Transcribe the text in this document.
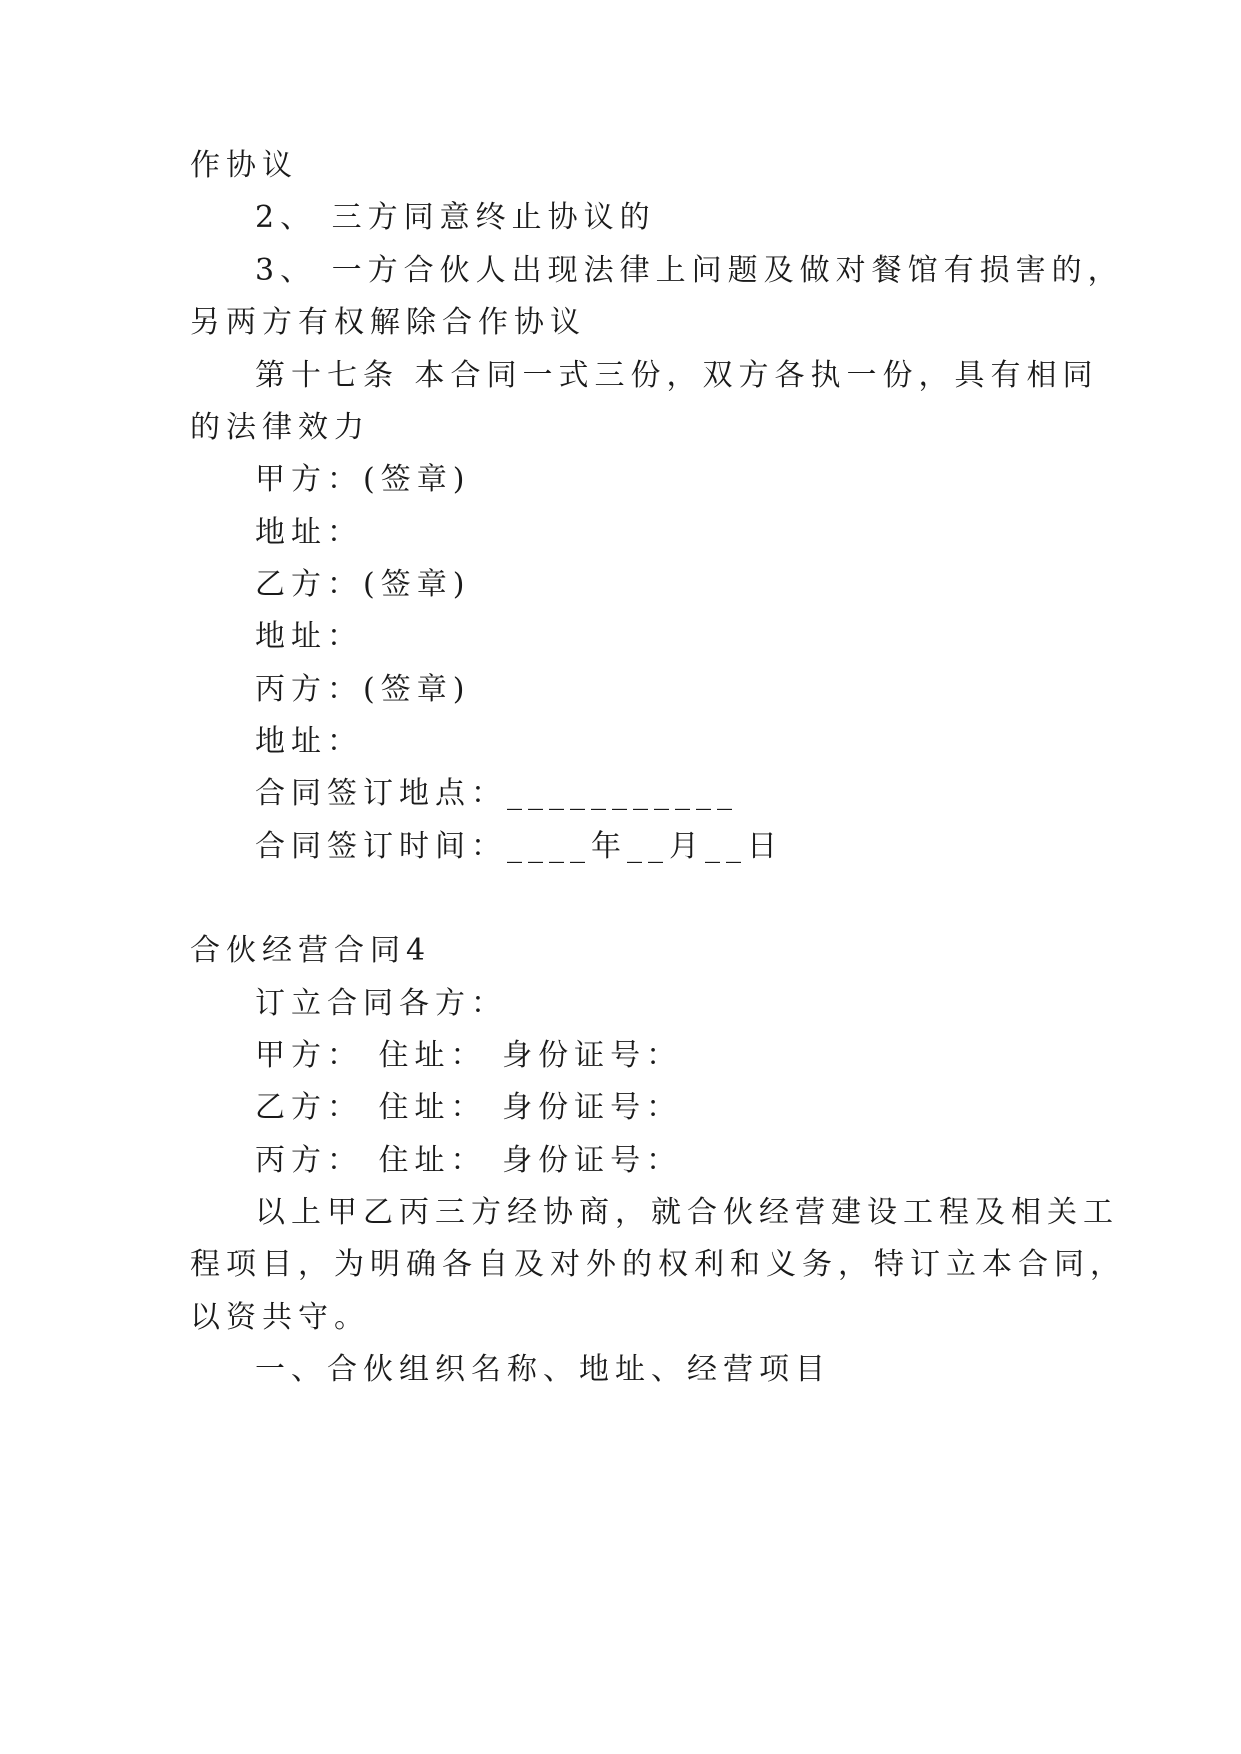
作协议
2、 三方同意终止协议的
3、 一方合伙人出现法律上问题及做对餐馆有损害的，
另两方有权解除合作协议
第十七条 本合同一式三份，双方各执一份，具有相同
的法律效力
甲方：(签章)
地址：
乙方：(签章)
地址：
丙方：(签章)
地址：
合同签订地点：___________
合同签订时间：____年__月__日
合伙经营合同4
订立合同各方：
甲方： 住址： 身份证号：
乙方： 住址： 身份证号：
丙方： 住址： 身份证号：
以上甲乙丙三方经协商，就合伙经营建设工程及相关工
程项目，为明确各自及对外的权利和义务，特订立本合同，
以资共守。
一、合伙组织名称、地址、经营项目
